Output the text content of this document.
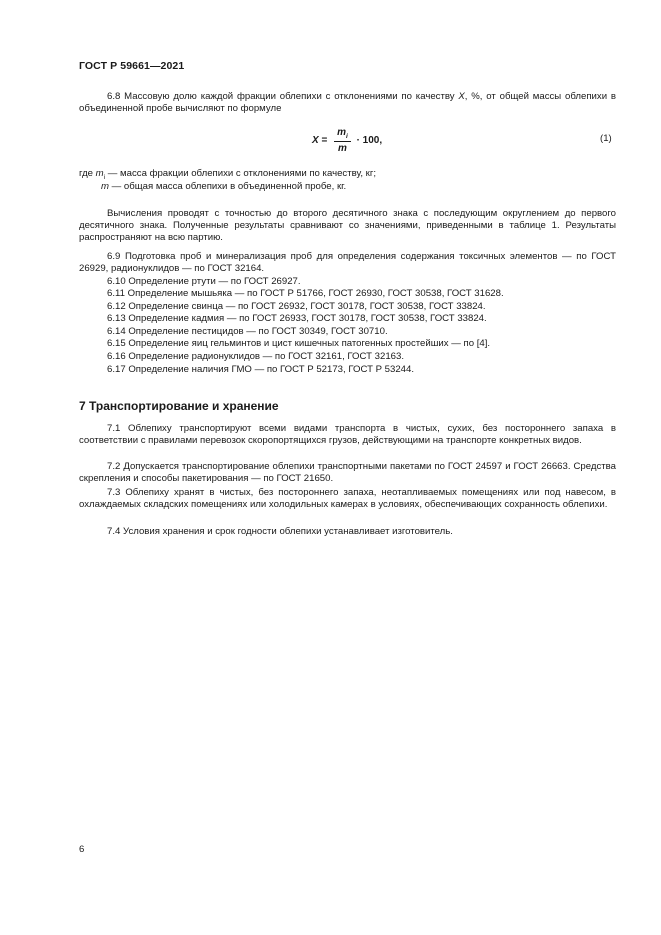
ГОСТ Р 59661—2021
6.8 Массовую долю каждой фракции облепихи с отклонениями по качеству X, %, от общей массы облепихи в объединенной пробе вычисляют по формуле
$X = \frac{m_i}{m} \cdot 100$,	(1)
где $m_i$ — масса фракции облепихи с отклонениями по качеству, кг;
m — общая масса облепихи в объединенной пробе, кг.
Вычисления проводят с точностью до второго десятичного знака с последующим округлением до первого десятичного знака. Полученные результаты сравнивают со значениями, приведенными в таблице 1. Результаты распространяют на всю партию.
6.9 Подготовка проб и минерализация проб для определения содержания токсичных элементов — по ГОСТ 26929, радионуклидов — по ГОСТ 32164.
6.10 Определение ртути — по ГОСТ 26927.
6.11 Определение мышьяка — по ГОСТ Р 51766, ГОСТ 26930, ГОСТ 30538, ГОСТ 31628.
6.12 Определение свинца — по ГОСТ 26932, ГОСТ 30178, ГОСТ 30538, ГОСТ 33824.
6.13 Определение кадмия — по ГОСТ 26933, ГОСТ 30178, ГОСТ 30538, ГОСТ 33824.
6.14 Определение пестицидов — по ГОСТ 30349, ГОСТ 30710.
6.15 Определение яиц гельминтов и цист кишечных патогенных простейших — по [4].
6.16 Определение радионуклидов — по ГОСТ 32161, ГОСТ 32163.
6.17 Определение наличия ГМО — по ГОСТ Р 52173, ГОСТ Р 53244.
7 Транспортирование и хранение
7.1 Облепиху транспортируют всеми видами транспорта в чистых, сухих, без постороннего запаха в соответствии с правилами перевозок скоропортящихся грузов, действующими на транспорте конкретных видов.
7.2 Допускается транспортирование облепихи транспортными пакетами по ГОСТ 24597 и ГОСТ 26663. Средства скрепления и способы пакетирования — по ГОСТ 21650.
7.3 Облепиху хранят в чистых, без постороннего запаха, неотапливаемых помещениях или под навесом, в охлаждаемых складских помещениях или холодильных камерах в условиях, обеспечивающих сохранность облепихи.
7.4 Условия хранения и срок годности облепихи устанавливает изготовитель.
6
